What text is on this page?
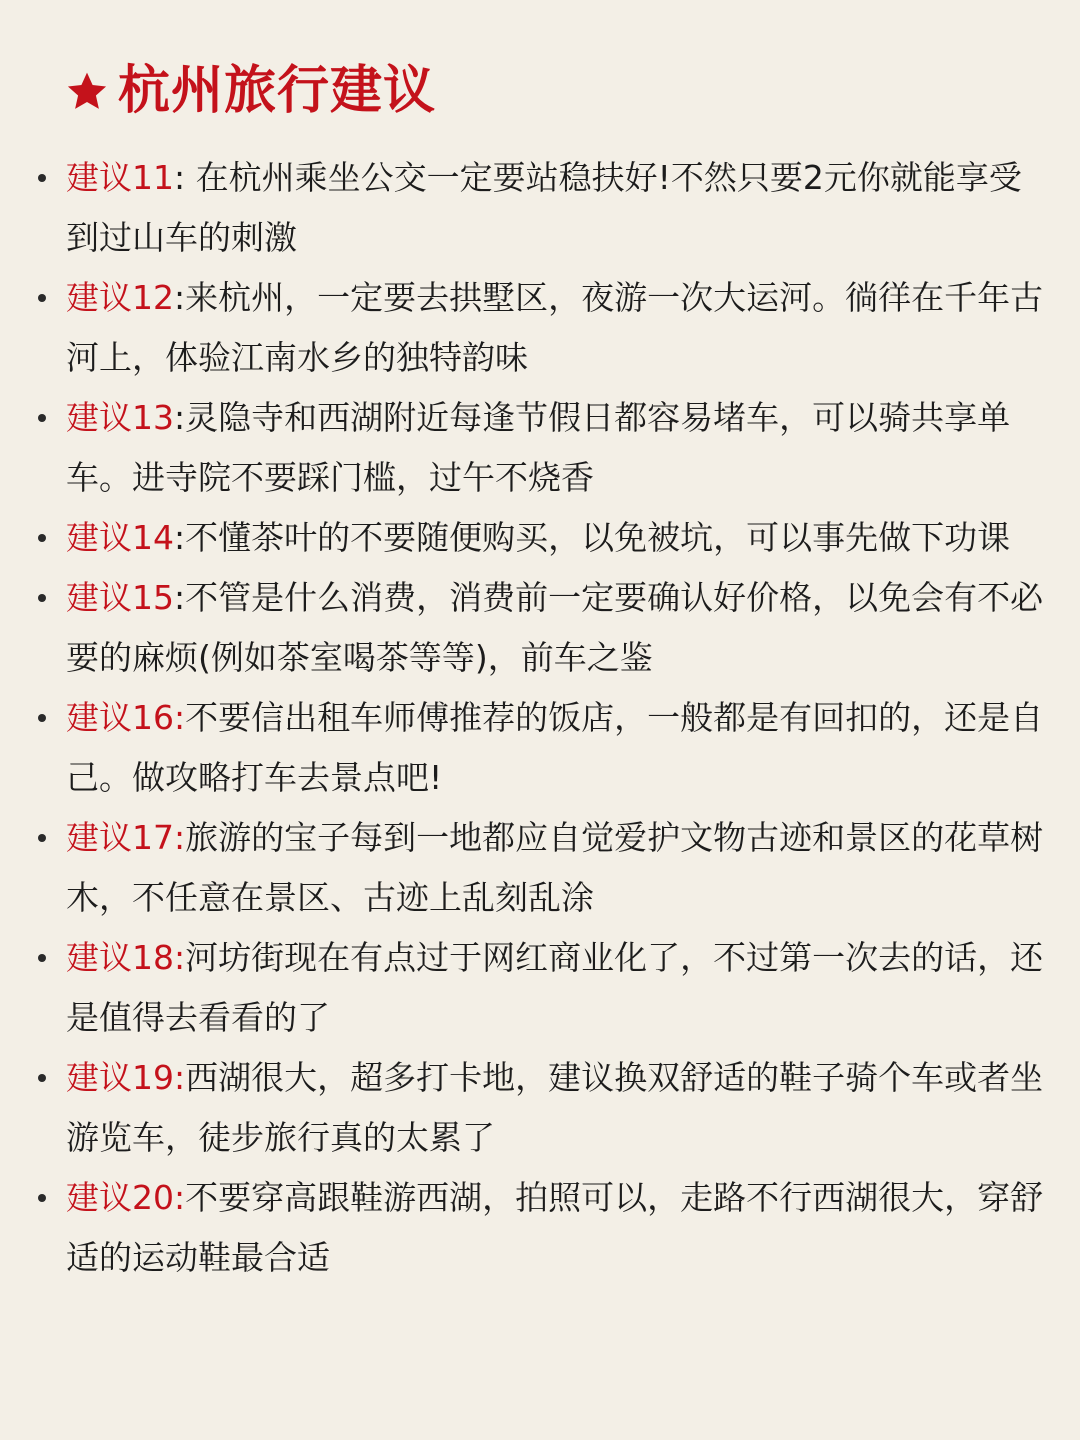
杭州旅行建议
建议11: 在杭州乘坐公交一定要站稳扶好!不然只要2元你就能享受到过山车的刺激
建议12:来杭州，一定要去拱墅区，夜游一次大运河。徜徉在千年古河上，体验江南水乡的独特韵味
建议13:灵隐寺和西湖附近每逢节假日都容易堵车，可以骑共享单车。进寺院不要踩门槛，过午不烧香
建议14:不懂茶叶的不要随便购买，以免被坑，可以事先做下功课
建议15:不管是什么消费，消费前一定要确认好价格，以免会有不必要的麻烦(例如茶室喝茶等等)，前车之鉴
建议16:不要信出租车师傅推荐的饭店，一般都是有回扣的，还是自己。做攻略打车去景点吧!
建议17:旅游的宝子每到一地都应自觉爱护文物古迹和景区的花草树木，不任意在景区、古迹上乱刻乱涂
建议18:河坊街现在有点过于网红商业化了，不过第一次去的话，还是值得去看看的了
建议19:西湖很大，超多打卡地，建议换双舒适的鞋子骑个车或者坐游览车，徒步旅行真的太累了
建议20:不要穿高跟鞋游西湖，拍照可以，走路不行西湖很大，穿舒适的运动鞋最合适
